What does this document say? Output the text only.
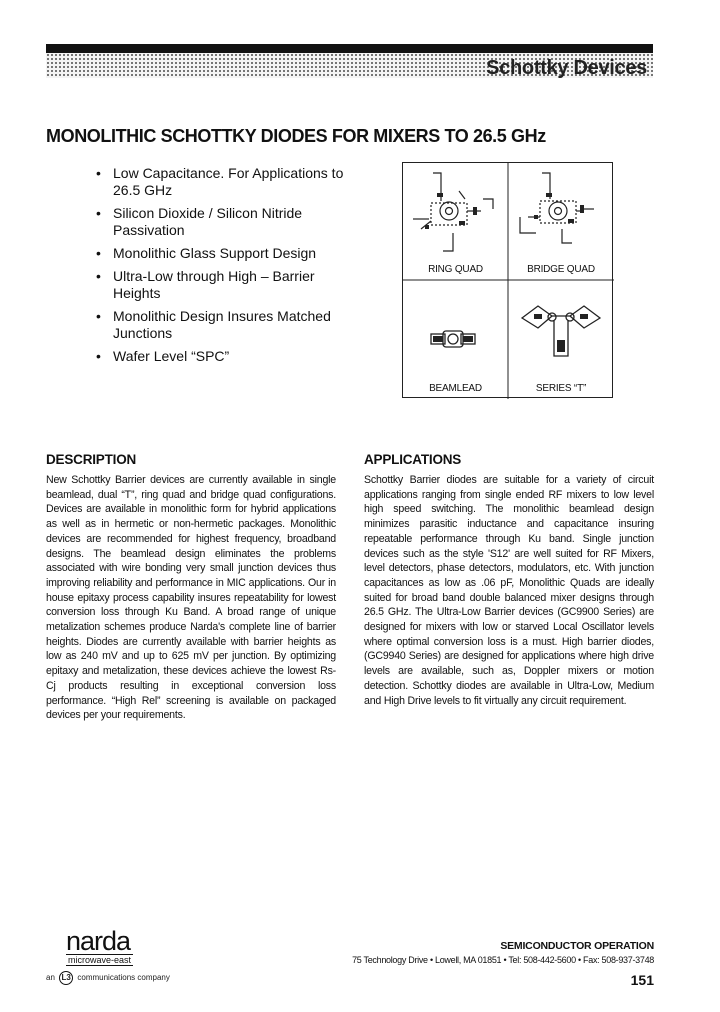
Schottky Devices
MONOLITHIC SCHOTTKY DIODES FOR MIXERS TO 26.5 GHz
• Low Capacitance. For Applications to 26.5 GHz
• Silicon Dioxide / Silicon Nitride Passivation
• Monolithic Glass Support Design
• Ultra-Low through High – Barrier Heights
• Monolithic Design Insures Matched Junctions
• Wafer Level “SPC”
RING QUAD	BRIDGE QUAD
BEAMLEAD	SERIES “T”
DESCRIPTION

New Schottky Barrier devices are currently available in single beamlead, dual “T”, ring quad and bridge quad configurations. Devices are available in monolithic form for hybrid applications as well as in hermetic or non-hermetic packages. Monolithic devices are recommended for highest frequency, broadband designs. The beamlead design eliminates the problems associated with wire bonding very small junction devices thus improving reliability and performance in MIC applications. Our in house epitaxy process capability insures repeatability for lowest conversion loss through Ku Band. A broad range of unique metalization schemes produce Narda's complete line of barrier heights. Diodes are currently available with barrier heights as low as 240 mV and up to 625 mV per junction. By optimizing epitaxy and metalization, these devices achieve the lowest Rs-Cj products resulting in exceptional conversion loss performance. “High Rel” screening is available on packaged devices per your requirements.

APPLICATIONS

Schottky Barrier diodes are suitable for a variety of circuit applications ranging from single ended RF mixers to low level high speed switching. The monolithic beamlead design minimizes parasitic inductance and capacitance insuring repeatable performance through Ku band. Single junction devices such as the style 'S12' are well suited for RF Mixers, level detectors, phase detectors, modulators, etc. With junction capacitances as low as .06 pF, Monolithic Quads are ideally suited for broad band double balanced mixer designs through 26.5 GHz. The Ultra-Low Barrier devices (GC9900 Series) are designed for mixers with low or starved Local Oscillator levels where optimal conversion loss is a must. High barrier diodes, (GC9940 Series) are designed for applications where high drive levels are available, such as, Doppler mixers or motion detection. Schottky diodes are available in Ultra-Low, Medium and High Drive levels to fit virtually any circuit requirement.

narda
microwave-east
an L3 communications company
SEMICONDUCTOR OPERATION
75 Technology Drive • Lowell, MA 01851 • Tel: 508-442-5600 • Fax: 508-937-3748
151
